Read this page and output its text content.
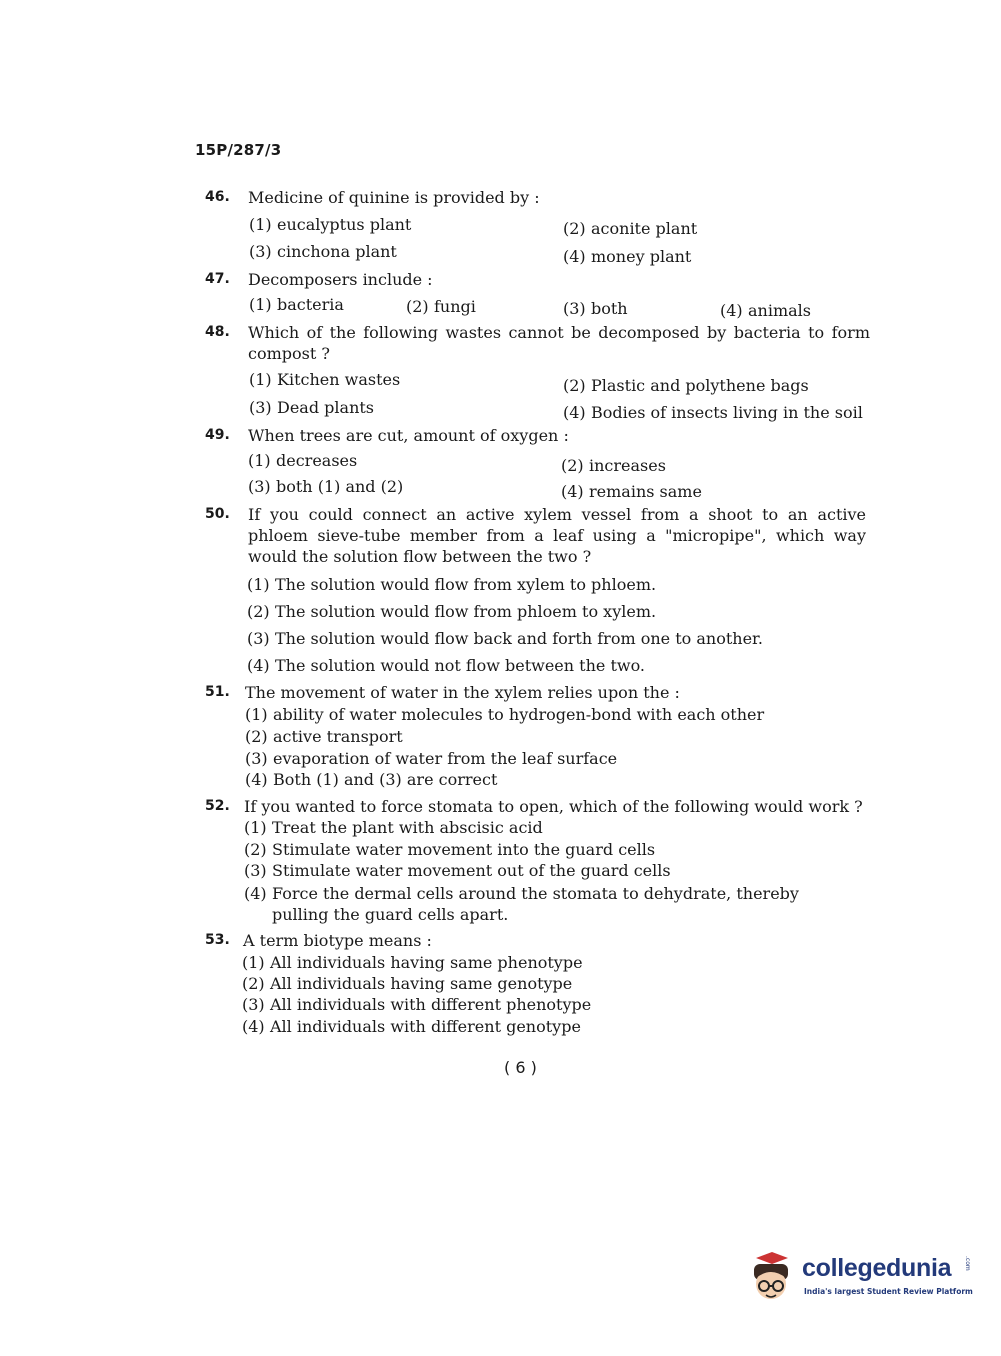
15P/287/3
46. Medicine of quinine is provided by :
(1) eucalyptus plant	(2) aconite plant
(3) cinchona plant	(4) money plant
47. Decomposers include :
(1) bacteria	(2) fungi	(3) both	(4) animals
48. Which of the following wastes cannot be decomposed by bacteria to form compost ?
(1) Kitchen wastes	(2) Plastic and polythene bags
(3) Dead plants	(4) Bodies of insects living in the soil
49. When trees are cut, amount of oxygen :
(1) decreases	(2) increases
(3) both (1) and (2)	(4) remains same
50. If you could connect an active xylem vessel from a shoot to an active phloem sieve-tube member from a leaf using a "micropipe", which way would the solution flow between the two ?
(1) The solution would flow from xylem to phloem.
(2) The solution would flow from phloem to xylem.
(3) The solution would flow back and forth from one to another.
(4) The solution would not flow between the two.
51. The movement of water in the xylem relies upon the :
(1) ability of water molecules to hydrogen-bond with each other
(2) active transport
(3) evaporation of water from the leaf surface
(4) Both (1) and (3) are correct
52. If you wanted to force stomata to open, which of the following would work ?
(1) Treat the plant with abscisic acid
(2) Stimulate water movement into the guard cells
(3) Stimulate water movement out of the guard cells
(4) Force the dermal cells around the stomata to dehydrate, thereby pulling the guard cells apart.
53. A term biotype means :
(1) All individuals having same phenotype
(2) All individuals having same genotype
(3) All individuals with different phenotype
(4) All individuals with different genotype
( 6 )
collegedunia .com
India's largest Student Review Platform
